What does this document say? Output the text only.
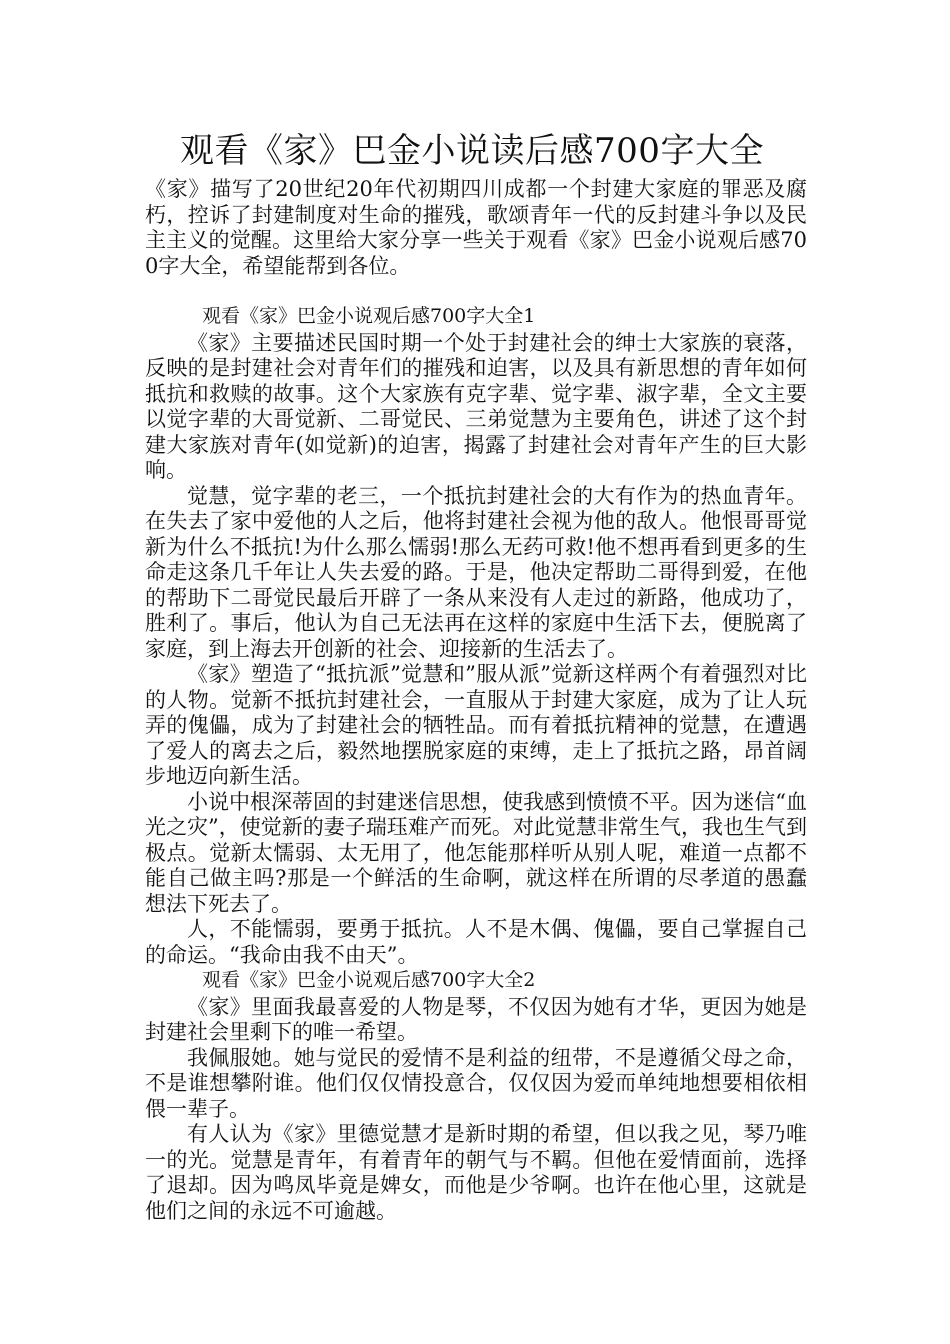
观看《家》巴金小说读后感700字大全

《家》描写了20世纪20年代初期四川成都一个封建大家庭的罪恶及腐朽，控诉了封建制度对生命的摧残，歌颂青年一代的反封建斗争以及民主主义的觉醒。这里给大家分享一些关于观看《家》巴金小说观后感700字大全，希望能帮到各位。

观看《家》巴金小说观后感700字大全1

《家》主要描述民国时期一个处于封建社会的绅士大家族的衰落，反映的是封建社会对青年们的摧残和迫害，以及具有新思想的青年如何抵抗和救赎的故事。这个大家族有克字辈、觉字辈、淑字辈，全文主要以觉字辈的大哥觉新、二哥觉民、三弟觉慧为主要角色，讲述了这个封建大家族对青年(如觉新)的迫害，揭露了封建社会对青年产生的巨大影响。

觉慧，觉字辈的老三，一个抵抗封建社会的大有作为的热血青年。在失去了家中爱他的人之后，他将封建社会视为他的敌人。他恨哥哥觉新为什么不抵抗!为什么那么懦弱!那么无药可救!他不想再看到更多的生命走这条几千年让人失去爱的路。于是，他决定帮助二哥得到爱，在他的帮助下二哥觉民最后开辟了一条从来没有人走过的新路，他成功了，胜利了。事后，他认为自己无法再在这样的家庭中生活下去，便脱离了家庭，到上海去开创新的社会、迎接新的生活去了。

《家》塑造了“抵抗派”觉慧和”服从派”觉新这样两个有着强烈对比的人物。觉新不抵抗封建社会，一直服从于封建大家庭，成为了让人玩弄的傀儡，成为了封建社会的牺牲品。而有着抵抗精神的觉慧，在遭遇了爱人的离去之后，毅然地摆脱家庭的束缚，走上了抵抗之路，昂首阔步地迈向新生活。

小说中根深蒂固的封建迷信思想，使我感到愤愤不平。因为迷信“血光之灾”，使觉新的妻子瑞珏难产而死。对此觉慧非常生气，我也生气到极点。觉新太懦弱、太无用了，他怎能那样听从别人呢，难道一点都不能自己做主吗?那是一个鲜活的生命啊，就这样在所谓的尽孝道的愚蠢想法下死去了。

人，不能懦弱，要勇于抵抗。人不是木偶、傀儡，要自己掌握自己的命运。“我命由我不由天”。

观看《家》巴金小说观后感700字大全2

《家》里面我最喜爱的人物是琴，不仅因为她有才华，更因为她是封建社会里剩下的唯一希望。

我佩服她。她与觉民的爱情不是利益的纽带，不是遵循父母之命，不是谁想攀附谁。他们仅仅情投意合，仅仅因为爱而单纯地想要相依相偎一辈子。

有人认为《家》里德觉慧才是新时期的希望，但以我之见，琴乃唯一的光。觉慧是青年，有着青年的朝气与不羁。但他在爱情面前，选择了退却。因为鸣凤毕竟是婢女，而他是少爷啊。也许在他心里，这就是他们之间的永远不可逾越。
